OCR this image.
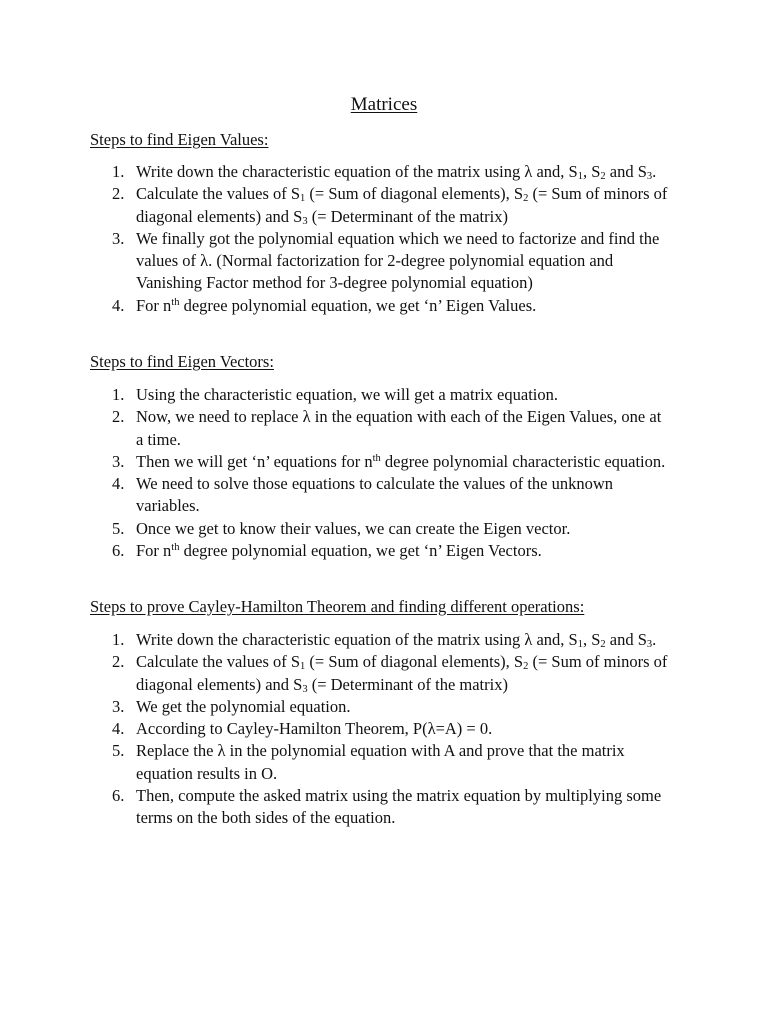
Matrices
Steps to find Eigen Values:
1. Write down the characteristic equation of the matrix using λ and, $S_1$, $S_2$ and $S_3$.
2. Calculate the values of $S_1$ (= Sum of diagonal elements), $S_2$ (= Sum of minors of diagonal elements) and $S_3$ (= Determinant of the matrix)
3. We finally got the polynomial equation which we need to factorize and find the values of λ. (Normal factorization for 2-degree polynomial equation and Vanishing Factor method for 3-degree polynomial equation)
4. For $n^{th}$ degree polynomial equation, we get ‘n’ Eigen Values.
Steps to find Eigen Vectors:
1. Using the characteristic equation, we will get a matrix equation.
2. Now, we need to replace λ in the equation with each of the Eigen Values, one at a time.
3. Then we will get ‘n’ equations for $n^{th}$ degree polynomial characteristic equation.
4. We need to solve those equations to calculate the values of the unknown variables.
5. Once we get to know their values, we can create the Eigen vector.
6. For $n^{th}$ degree polynomial equation, we get ‘n’ Eigen Vectors.
Steps to prove Cayley-Hamilton Theorem and finding different operations:
1. Write down the characteristic equation of the matrix using λ and, $S_1$, $S_2$ and $S_3$.
2. Calculate the values of $S_1$ (= Sum of diagonal elements), $S_2$ (= Sum of minors of diagonal elements) and $S_3$ (= Determinant of the matrix)
3. We get the polynomial equation.
4. According to Cayley-Hamilton Theorem, P(λ=A) = 0.
5. Replace the λ in the polynomial equation with A and prove that the matrix equation results in O.
6. Then, compute the asked matrix using the matrix equation by multiplying some terms on the both sides of the equation.
